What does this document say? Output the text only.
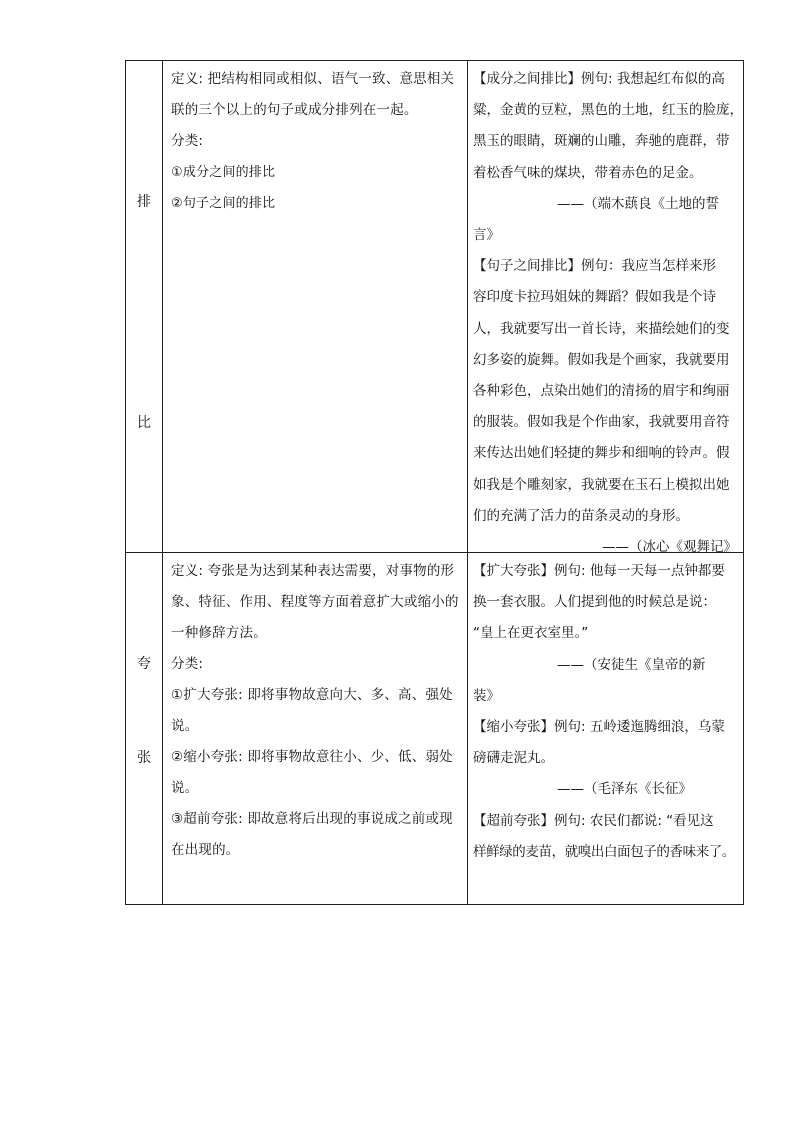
排
比
定义: 把结构相同或相似、语气一致、意思相关
联的三个以上的句子或成分排列在一起。
分类:
①成分之间的排比
②句子之间的排比
【成分之间排比】例句: 我想起红布似的高
粱，金黄的豆粒，黑色的土地，红玉的脸庞，
黑玉的眼睛，斑斓的山雕，奔驰的鹿群，带
着松香气味的煤块，带着赤色的足金。
——（端木蕻良《土地的誓
言》
【句子之间排比】例句：我应当怎样来形
容印度卡拉玛姐妹的舞蹈？假如我是个诗
人，我就要写出一首长诗，来描绘她们的变
幻多姿的旋舞。假如我是个画家，我就要用
各种彩色，点染出她们的清扬的眉宇和绚丽
的服装。假如我是个作曲家，我就要用音符
来传达出她们轻捷的舞步和细响的铃声。假
如我是个雕刻家，我就要在玉石上模拟出她
们的充满了活力的苗条灵动的身形。
——（冰心《观舞记》
夸
张
定义: 夸张是为达到某种表达需要，对事物的形
象、特征、作用、程度等方面着意扩大或缩小的
一种修辞方法。
分类:
①扩大夸张: 即将事物故意向大、多、高、强处
说。
②缩小夸张: 即将事物故意往小、少、低、弱处
说。
③超前夸张: 即故意将后出现的事说成之前或现
在出现的。
【扩大夸张】例句: 他每一天每一点钟都要
换一套衣服。人们提到他的时候总是说：
“皇上在更衣室里。”
——（安徒生《皇帝的新
装》
【缩小夸张】例句: 五岭逶迤腾细浪，乌蒙
磅礴走泥丸。
——（毛泽东《长征》
【超前夸张】例句: 农民们都说: “看见这
样鲜绿的麦苗，就嗅出白面包子的香味来了。
